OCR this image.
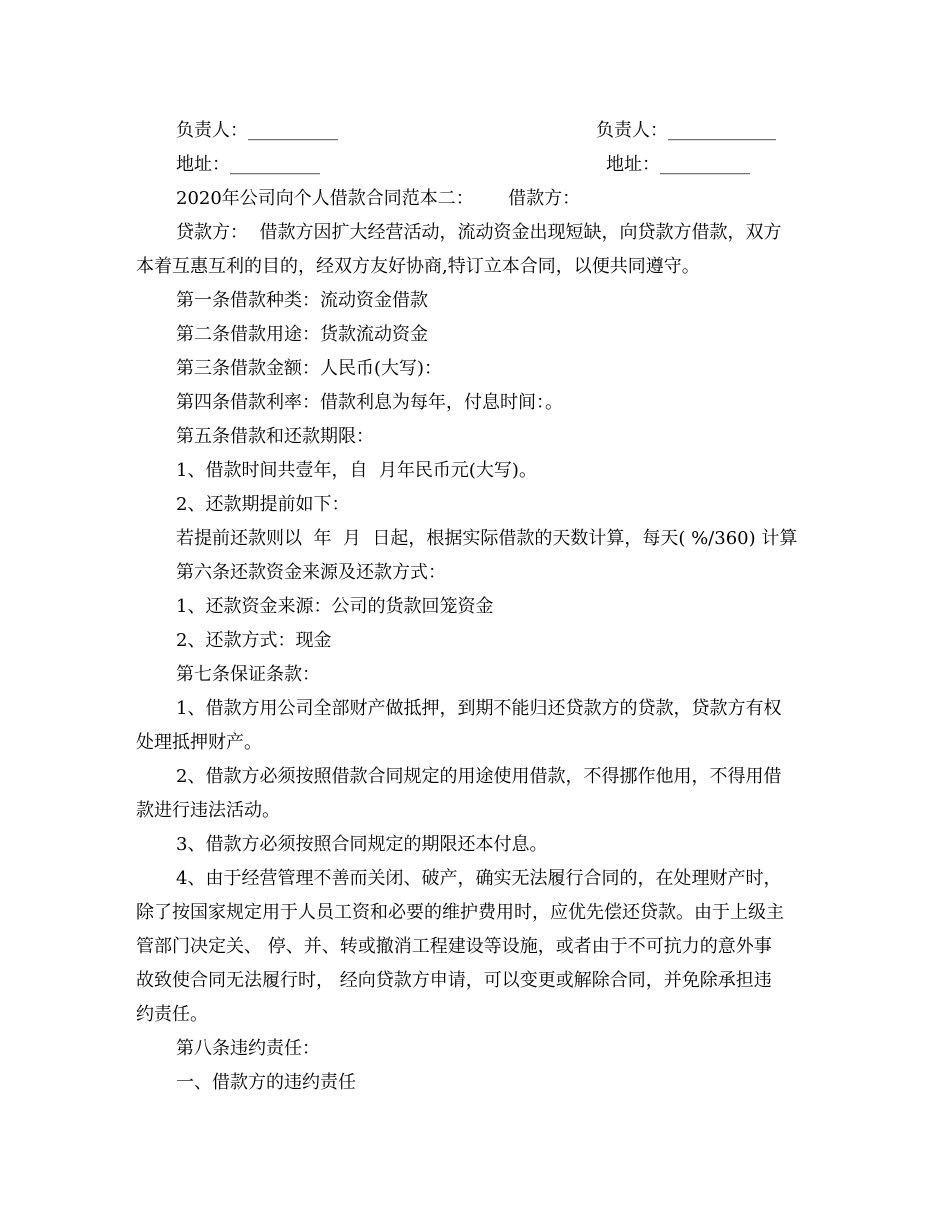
负责人：__________	负责人：____________
地址：__________	地址：__________
2020年公司向个人借款合同范本二：      借款方：
贷款方：  借款方因扩大经营活动，流动资金出现短缺，向贷款方借款，双方
本着互惠互利的目的，经双方友好协商,特订立本合同，以便共同遵守。
第一条借款种类：流动资金借款
第二条借款用途：货款流动资金
第三条借款金额：人民币(大写)：
第四条借款利率：借款利息为每年，付息时间：。
第五条借款和还款期限：
1、借款时间共壹年，自  月年民币元(大写)。
2、还款期提前如下：
若提前还款则以  年  月  日起，根据实际借款的天数计算，每天( %/360) 计算
第六条还款资金来源及还款方式：
1、还款资金来源：公司的货款回笼资金
2、还款方式：现金
第七条保证条款：
1、借款方用公司全部财产做抵押，到期不能归还贷款方的贷款，贷款方有权
处理抵押财产。
2、借款方必须按照借款合同规定的用途使用借款，不得挪作他用，不得用借
款进行违法活动。
3、借款方必须按照合同规定的期限还本付息。
4、由于经营管理不善而关闭、破产，确实无法履行合同的，在处理财产时，
除了按国家规定用于人员工资和必要的维护费用时，应优先偿还贷款。由于上级主
管部门决定关、 停、并、转或撤消工程建设等设施，或者由于不可抗力的意外事
故致使合同无法履行时， 经向贷款方申请，可以变更或解除合同，并免除承担违
约责任。
第八条违约责任：
一、借款方的违约责任
